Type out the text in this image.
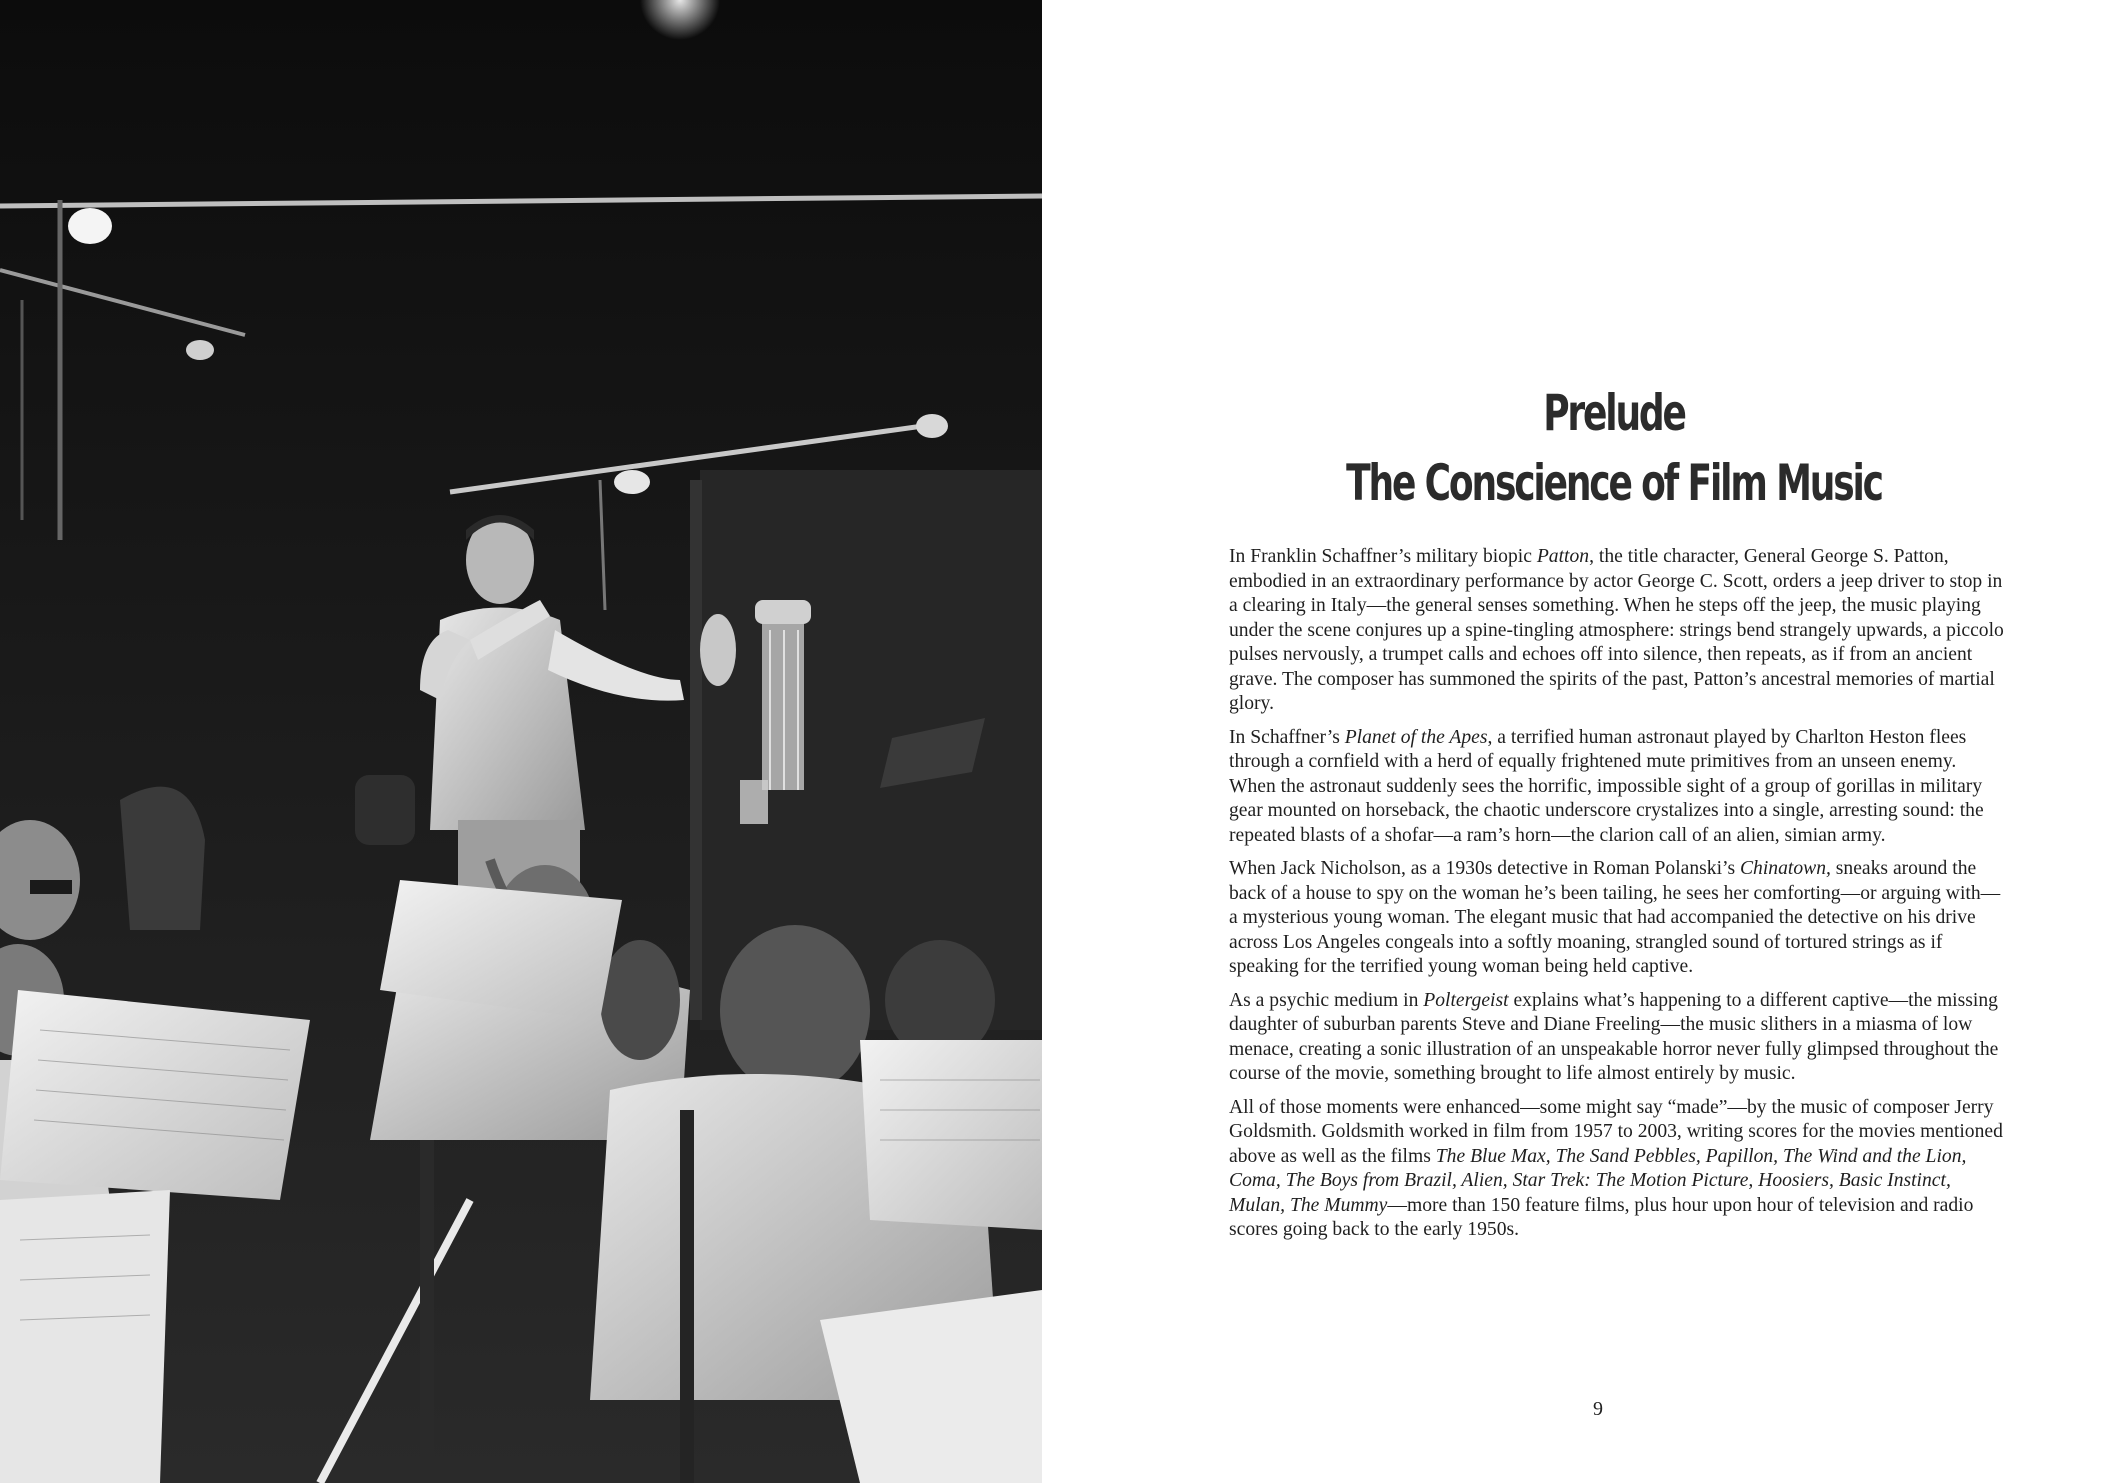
Prelude
The Conscience of Film Music

In Franklin Schaffner’s military biopic Patton, the title character, General George S. Patton, embodied in an extraordinary performance by actor George C. Scott, orders a jeep driver to stop in a clearing in Italy—the general senses something. When he steps off the jeep, the music playing under the scene conjures up a spine-tingling atmosphere: strings bend strangely upwards, a piccolo pulses nervously, a trumpet calls and echoes off into silence, then repeats, as if from an ancient grave. The composer has summoned the spirits of the past, Patton’s ancestral memories of martial glory.

In Schaffner’s Planet of the Apes, a terrified human astronaut played by Charlton Heston flees through a cornfield with a herd of equally frightened mute primitives from an unseen enemy. When the astronaut suddenly sees the horrific, impossible sight of a group of gorillas in military gear mounted on horseback, the chaotic underscore crystalizes into a single, arresting sound: the repeated blasts of a shofar—a ram’s horn—the clarion call of an alien, simian army.

When Jack Nicholson, as a 1930s detective in Roman Polanski’s Chinatown, sneaks around the back of a house to spy on the woman he’s been tailing, he sees her comforting—or arguing with—a mysterious young woman. The elegant music that had accompanied the detective on his drive across Los Angeles congeals into a softly moaning, strangled sound of tortured strings as if speaking for the terrified young woman being held captive.

As a psychic medium in Poltergeist explains what’s happening to a different captive—the missing daughter of suburban parents Steve and Diane Freeling—the music slithers in a miasma of low menace, creating a sonic illustration of an unspeakable horror never fully glimpsed throughout the course of the movie, something brought to life almost entirely by music.

All of those moments were enhanced—some might say “made”—by the music of composer Jerry Goldsmith. Goldsmith worked in film from 1957 to 2003, writing scores for the movies mentioned above as well as the films The Blue Max, The Sand Pebbles, Papillon, The Wind and the Lion, Coma, The Boys from Brazil, Alien, Star Trek: The Motion Picture, Hoosiers, Basic Instinct, Mulan, The Mummy—more than 150 feature films, plus hour upon hour of television and radio scores going back to the early 1950s.

9
